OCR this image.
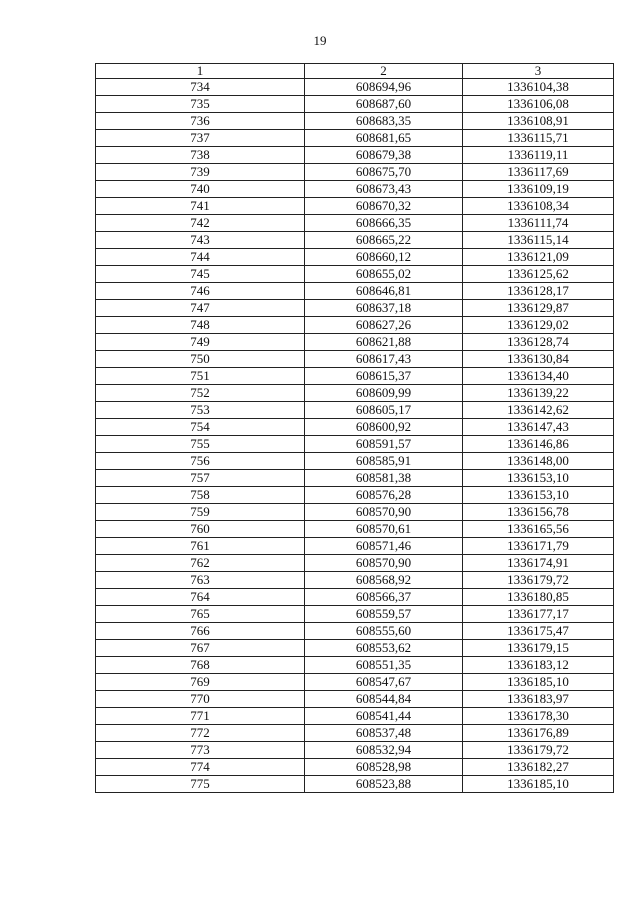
19
1	2	3
734	608694,96	1336104,38
735	608687,60	1336106,08
736	608683,35	1336108,91
737	608681,65	1336115,71
738	608679,38	1336119,11
739	608675,70	1336117,69
740	608673,43	1336109,19
741	608670,32	1336108,34
742	608666,35	1336111,74
743	608665,22	1336115,14
744	608660,12	1336121,09
745	608655,02	1336125,62
746	608646,81	1336128,17
747	608637,18	1336129,87
748	608627,26	1336129,02
749	608621,88	1336128,74
750	608617,43	1336130,84
751	608615,37	1336134,40
752	608609,99	1336139,22
753	608605,17	1336142,62
754	608600,92	1336147,43
755	608591,57	1336146,86
756	608585,91	1336148,00
757	608581,38	1336153,10
758	608576,28	1336153,10
759	608570,90	1336156,78
760	608570,61	1336165,56
761	608571,46	1336171,79
762	608570,90	1336174,91
763	608568,92	1336179,72
764	608566,37	1336180,85
765	608559,57	1336177,17
766	608555,60	1336175,47
767	608553,62	1336179,15
768	608551,35	1336183,12
769	608547,67	1336185,10
770	608544,84	1336183,97
771	608541,44	1336178,30
772	608537,48	1336176,89
773	608532,94	1336179,72
774	608528,98	1336182,27
775	608523,88	1336185,10
